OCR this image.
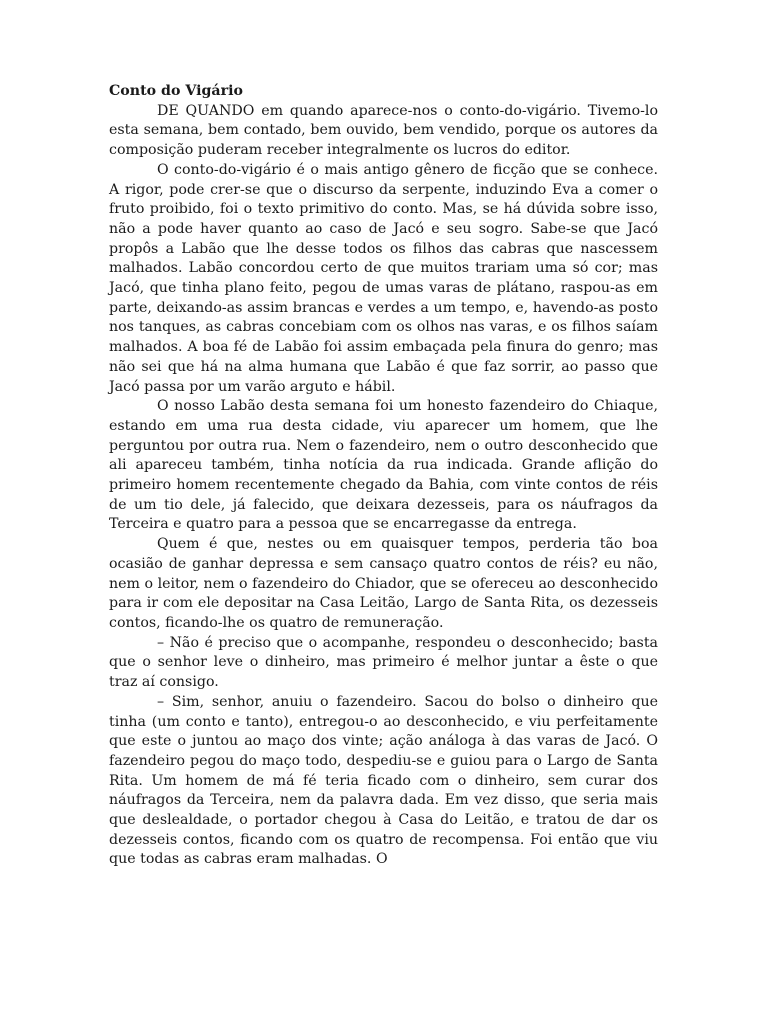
Conto do Vigário

DE QUANDO em quando aparece-nos o conto-do-vigário. Tivemo-lo esta semana, bem contado, bem ouvido, bem vendido, porque os autores da composição puderam receber integralmente os lucros do editor.

O conto-do-vigário é o mais antigo gênero de ficção que se conhece. A rigor, pode crer-se que o discurso da serpente, induzindo Eva a comer o fruto proibido, foi o texto primitivo do conto. Mas, se há dúvida sobre isso, não a pode haver quanto ao caso de Jacó e seu sogro. Sabe-se que Jacó propôs a Labão que lhe desse todos os filhos das cabras que nascessem malhados. Labão concordou certo de que muitos trariam uma só cor; mas Jacó, que tinha plano feito, pegou de umas varas de plátano, raspou-as em parte, deixando-as assim brancas e verdes a um tempo, e, havendo-as posto nos tanques, as cabras concebiam com os olhos nas varas, e os filhos saíam malhados. A boa fé de Labão foi assim embaçada pela finura do genro; mas não sei que há na alma humana que Labão é que faz sorrir, ao passo que Jacó passa por um varão arguto e hábil.

O nosso Labão desta semana foi um honesto fazendeiro do Chiaque, estando em uma rua desta cidade, viu aparecer um homem, que lhe perguntou por outra rua. Nem o fazendeiro, nem o outro desconhecido que ali apareceu também, tinha notícia da rua indicada. Grande aflição do primeiro homem recentemente chegado da Bahia, com vinte contos de réis de um tio dele, já falecido, que deixara dezesseis, para os náufragos da Terceira e quatro para a pessoa que se encarregasse da entrega.

Quem é que, nestes ou em quaisquer tempos, perderia tão boa ocasião de ganhar depressa e sem cansaço quatro contos de réis? eu não, nem o leitor, nem o fazendeiro do Chiador, que se ofereceu ao desconhecido para ir com ele depositar na Casa Leitão, Largo de Santa Rita, os dezesseis contos, ficando-lhe os quatro de remuneração.

– Não é preciso que o acompanhe, respondeu o desconhecido; basta que o senhor leve o dinheiro, mas primeiro é melhor juntar a êste o que traz aí consigo.

– Sim, senhor, anuiu o fazendeiro. Sacou do bolso o dinheiro que tinha (um conto e tanto), entregou-o ao desconhecido, e viu perfeitamente que este o juntou ao maço dos vinte; ação análoga à das varas de Jacó. O fazendeiro pegou do maço todo, despediu-se e guiou para o Largo de Santa Rita. Um homem de má fé teria ficado com o dinheiro, sem curar dos náufragos da Terceira, nem da palavra dada. Em vez disso, que seria mais que deslealdade, o portador chegou à Casa do Leitão, e tratou de dar os dezesseis contos, ficando com os quatro de recompensa. Foi então que viu que todas as cabras eram malhadas. O
